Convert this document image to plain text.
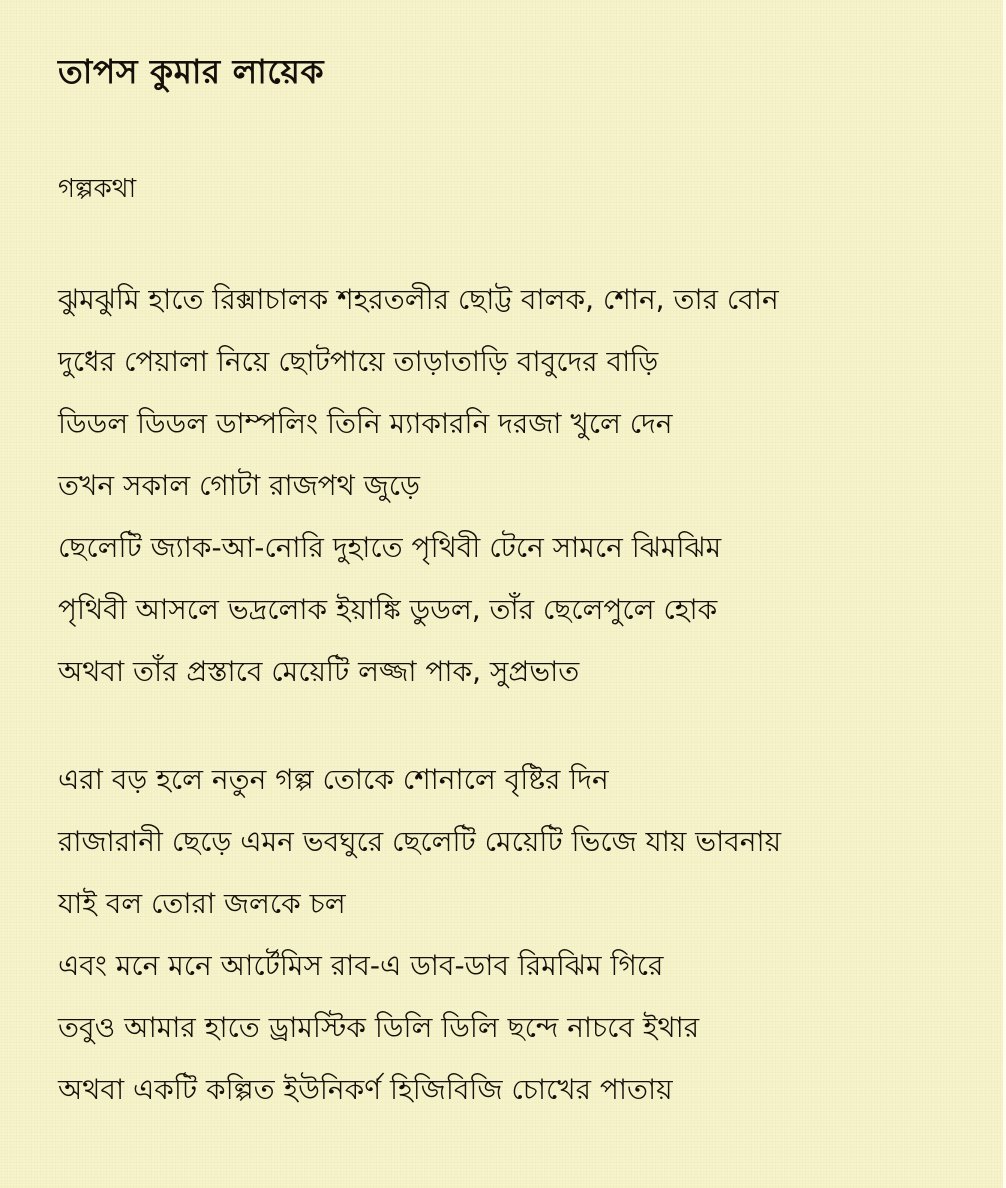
তাপস কুমার লায়েক
গল্পকথা
ঝুমঝুমি হাতে রিক্সাচালক শহরতলীর ছোট্ট বালক, শোন, তার বোন
দুধের পেয়ালা নিয়ে ছোটপায়ে তাড়াতাড়ি বাবুদের বাড়ি
ডিডল ডিডল ডাম্পলিং তিনি ম্যাকারনি দরজা খুলে দেন
তখন সকাল গোটা রাজপথ জুড়ে
ছেলেটি জ্যাক-আ-নোরি দুহাতে পৃথিবী টেনে সামনে ঝিমঝিম
পৃথিবী আসলে ভদ্রলোক ইয়াঙ্কি ডুডল, তাঁর ছেলেপুলে হোক
অথবা তাঁর প্রস্তাবে মেয়েটি লজ্জা পাক, সুপ্রভাত
এরা বড় হলে নতুন গল্প তোকে শোনালে বৃষ্টির দিন
রাজারানী ছেড়ে এমন ভবঘুরে ছেলেটি মেয়েটি ভিজে যায় ভাবনায়
যাই বল তোরা জলকে চল
এবং মনে মনে আর্টেমিস রাব-এ ডাব-ডাব রিমঝিম গিরে
তবুও আমার হাতে ড্রামস্টিক ডিলি ডিলি ছন্দে নাচবে ইথার
অথবা একটি কল্পিত ইউনিকর্ণ হিজিবিজি চোখের পাতায়
